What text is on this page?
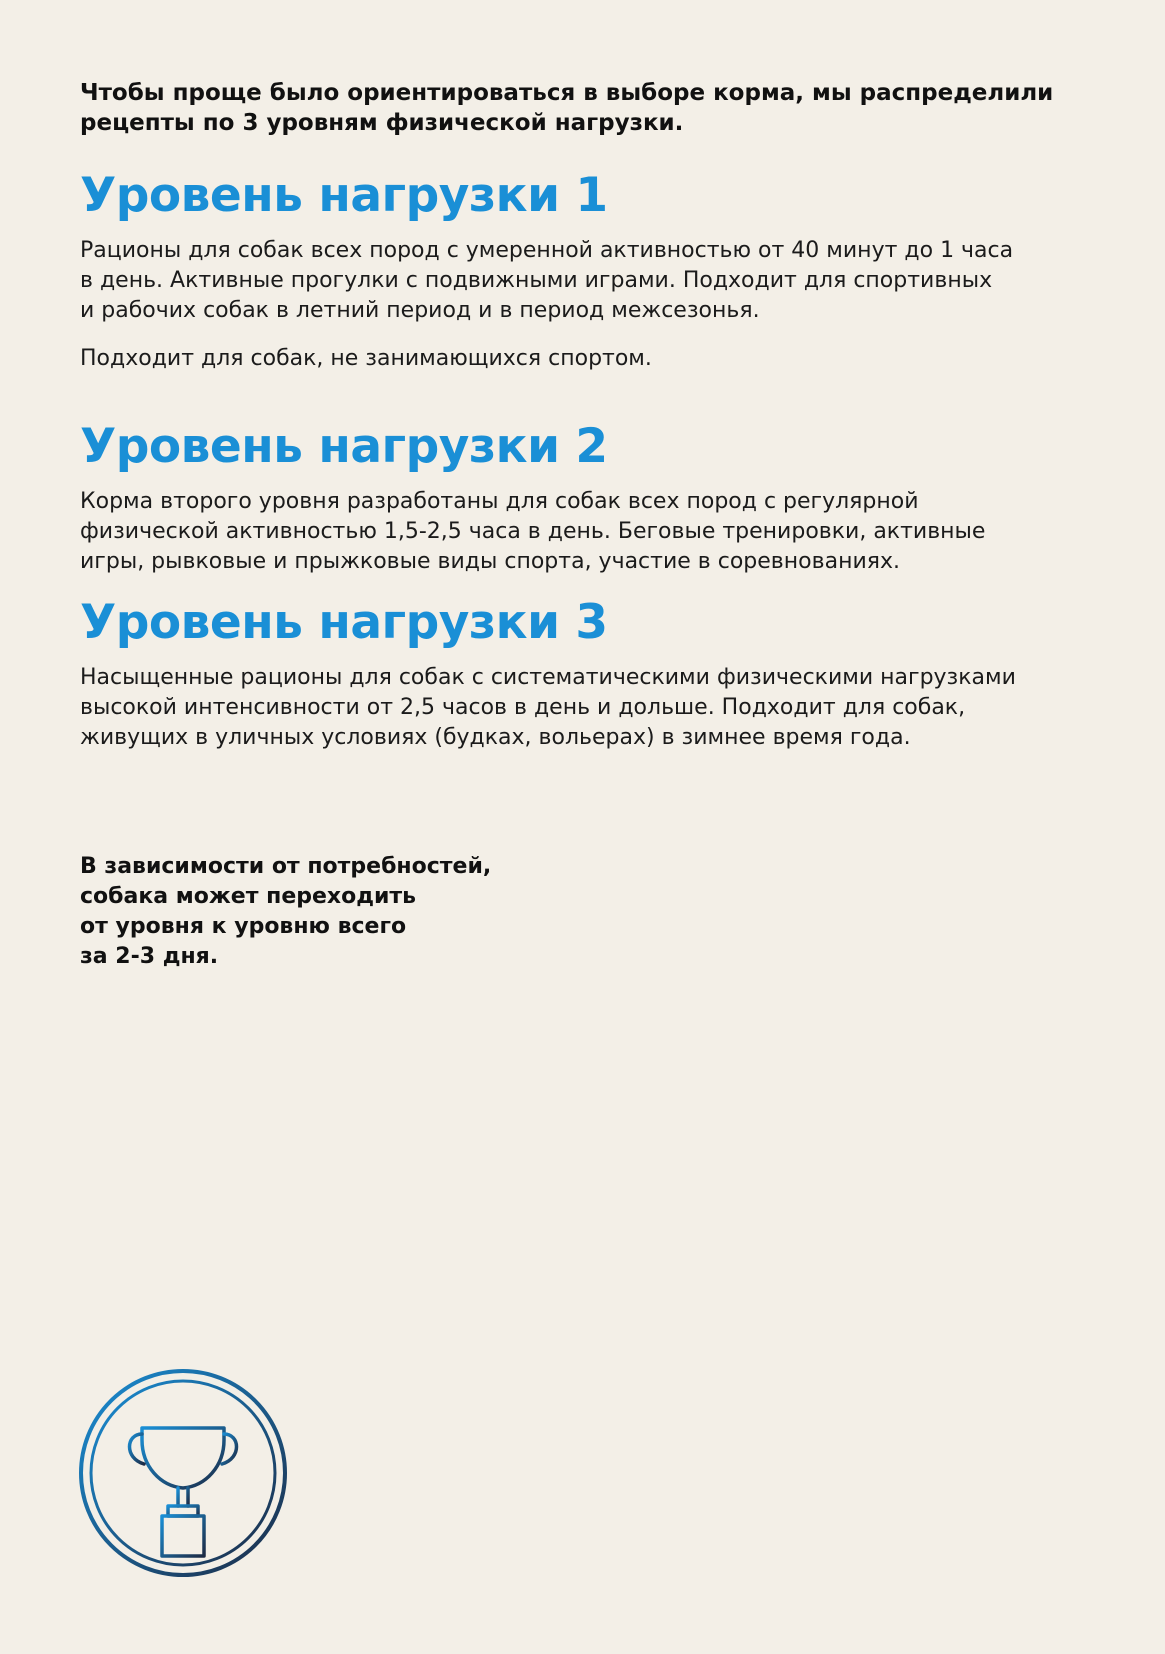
Чтобы проще было ориентироваться в выборе корма, мы распределили
рецепты по 3 уровням физической нагрузки.

Уровень нагрузки 1

Рационы для собак всех пород с умеренной активностью от 40 минут до 1 часа
в день. Активные прогулки с подвижными играми. Подходит для спортивных
и рабочих собак в летний период и в период межсезонья.

Подходит для собак, не занимающихся спортом.

Уровень нагрузки 2

Корма второго уровня разработаны для собак всех пород с регулярной
физической активностью 1,5-2,5 часа в день. Беговые тренировки, активные
игры, рывковые и прыжковые виды спорта, участие в соревнованиях.

Уровень нагрузки 3

Насыщенные рационы для собак с систематическими физическими нагрузками
высокой интенсивности от 2,5 часов в день и дольше. Подходит для собак,
живущих в уличных условиях (будках, вольерах) в зимнее время года.

В зависимости от потребностей,
собака может переходить
от уровня к уровню всего
за 2-3 дня.
